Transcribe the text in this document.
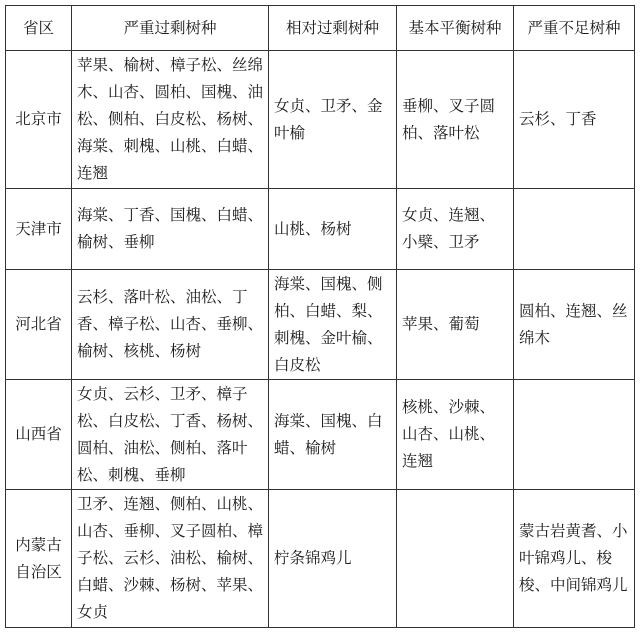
省区	严重过剩树种	相对过剩树种	基本平衡树种	严重不足树种
北京市	苹果、榆树、樟子松、丝绵木、山杏、圆柏、国槐、油松、侧柏、白皮松、杨树、海棠、刺槐、山桃、白蜡、连翘	女贞、卫矛、金叶榆	垂柳、叉子圆柏、落叶松	云杉、丁香
天津市	海棠、丁香、国槐、白蜡、榆树、垂柳	山桃、杨树	女贞、连翘、小檗、卫矛	
河北省	云杉、落叶松、油松、丁香、樟子松、山杏、垂柳、榆树、核桃、杨树	海棠、国槐、侧柏、白蜡、梨、刺槐、金叶榆、白皮松	苹果、葡萄	圆柏、连翘、丝绵木
山西省	女贞、云杉、卫矛、樟子松、白皮松、丁香、杨树、圆柏、油松、侧柏、落叶松、刺槐、垂柳	海棠、国槐、白蜡、榆树	核桃、沙棘、山杏、山桃、连翘	
内蒙古自治区	卫矛、连翘、侧柏、山桃、山杏、垂柳、叉子圆柏、樟子松、云杉、油松、榆树、白蜡、沙棘、杨树、苹果、女贞	柠条锦鸡儿		蒙古岩黄耆、小叶锦鸡儿、梭梭、中间锦鸡儿
